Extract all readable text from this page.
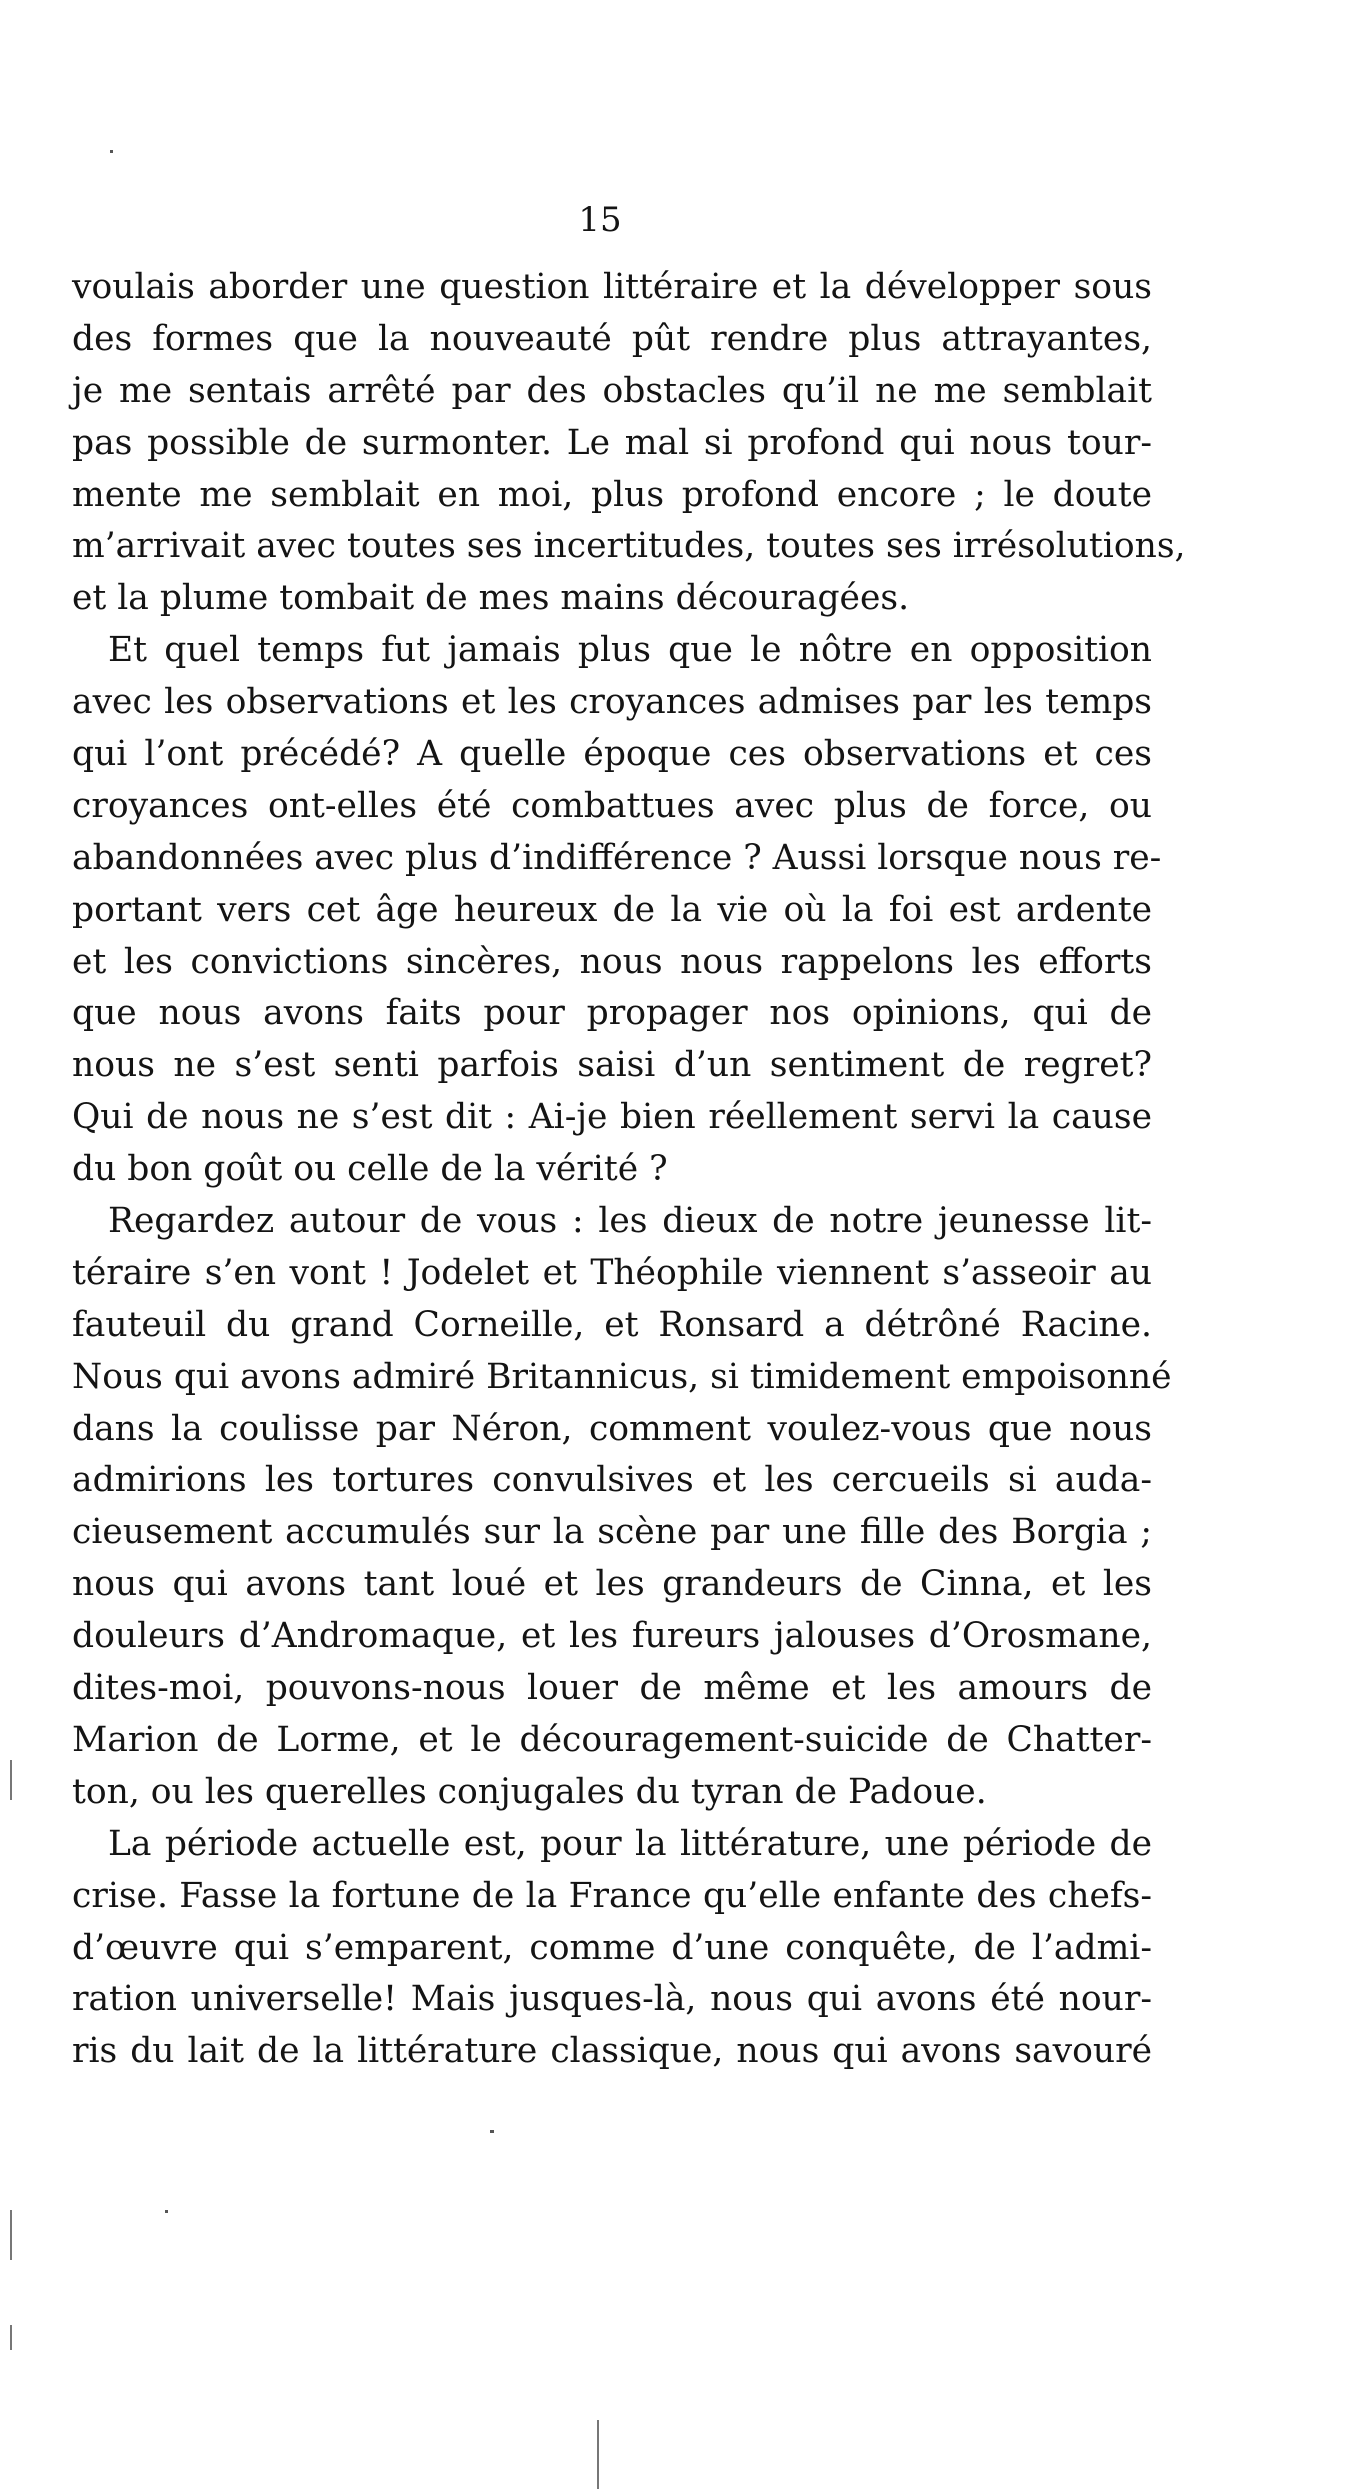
15
voulais aborder une question littéraire et la développer sous
des formes que la nouveauté pût rendre plus attrayantes,
je me sentais arrêté par des obstacles qu’il ne me semblait
pas possible de surmonter. Le mal si profond qui nous tour-
mente me semblait en moi, plus profond encore ; le doute
m’arrivait avec toutes ses incertitudes, toutes ses irrésolutions,
et la plume tombait de mes mains découragées.
Et quel temps fut jamais plus que le nôtre en opposition
avec les observations et les croyances admises par les temps
qui l’ont précédé? A quelle époque ces observations et ces
croyances ont-elles été combattues avec plus de force, ou
abandonnées avec plus d’indifférence ? Aussi lorsque nous re-
portant vers cet âge heureux de la vie où la foi est ardente
et les convictions sincères, nous nous rappelons les efforts
que nous avons faits pour propager nos opinions, qui de
nous ne s’est senti parfois saisi d’un sentiment de regret?
Qui de nous ne s’est dit : Ai-je bien réellement servi la cause
du bon goût ou celle de la vérité ?
Regardez autour de vous : les dieux de notre jeunesse lit-
téraire s’en vont ! Jodelet et Théophile viennent s’asseoir au
fauteuil du grand Corneille, et Ronsard a détrôné Racine.
Nous qui avons admiré Britannicus, si timidement empoisonné
dans la coulisse par Néron, comment voulez-vous que nous
admirions les tortures convulsives et les cercueils si auda-
cieusement accumulés sur la scène par une fille des Borgia ;
nous qui avons tant loué et les grandeurs de Cinna, et les
douleurs d’Andromaque, et les fureurs jalouses d’Orosmane,
dites-moi, pouvons-nous louer de même et les amours de
Marion de Lorme, et le découragement-suicide de Chatter-
ton, ou les querelles conjugales du tyran de Padoue.
La période actuelle est, pour la littérature, une période de
crise. Fasse la fortune de la France qu’elle enfante des chefs-
d’œuvre qui s’emparent, comme d’une conquête, de l’admi-
ration universelle! Mais jusques-là, nous qui avons été nour-
ris du lait de la littérature classique, nous qui avons savouré
